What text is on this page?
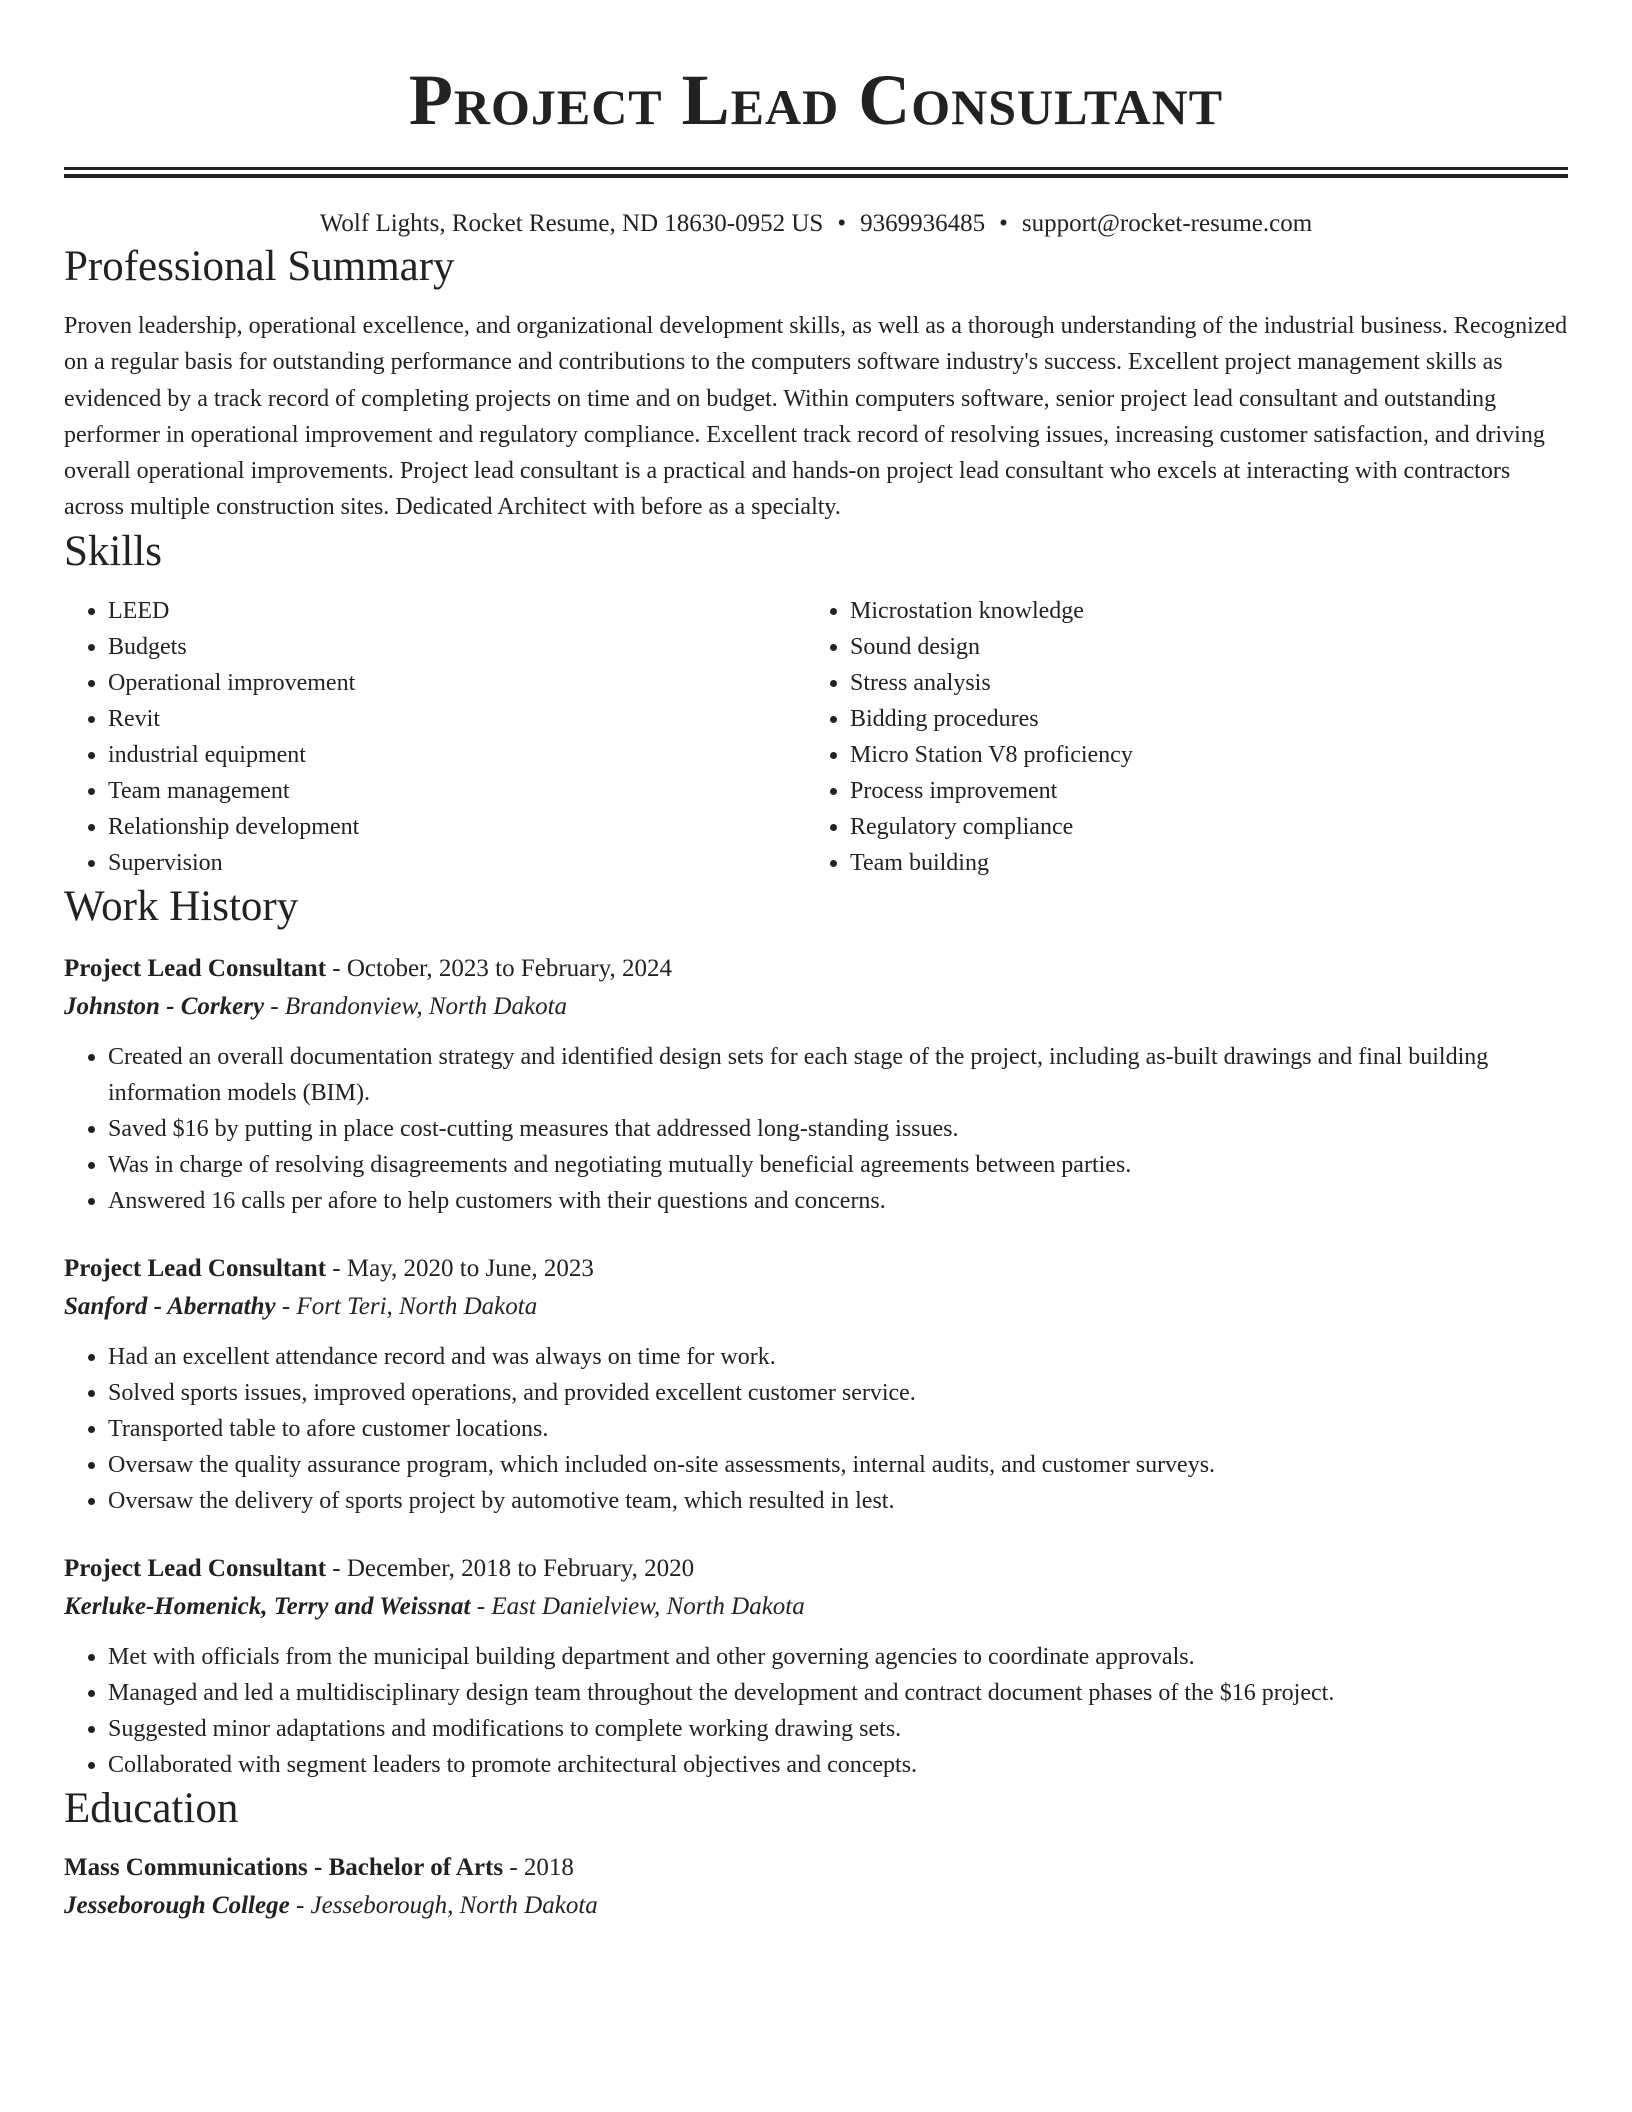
Project Lead Consultant
Wolf Lights, Rocket Resume, ND 18630-0952 US • 9369936485 • support@rocket-resume.com
Professional Summary

Proven leadership, operational excellence, and organizational development skills, as well as a thorough understanding of the industrial business. Recognized on a regular basis for outstanding performance and contributions to the computers software industry's success. Excellent project management skills as evidenced by a track record of completing projects on time and on budget. Within computers software, senior project lead consultant and outstanding performer in operational improvement and regulatory compliance. Excellent track record of resolving issues, increasing customer satisfaction, and driving overall operational improvements. Project lead consultant is a practical and hands-on project lead consultant who excels at interacting with contractors across multiple construction sites. Dedicated Architect with before as a specialty.

Skills
• LEED
• Budgets
• Operational improvement
• Revit
• industrial equipment
• Team management
• Relationship development
• Supervision
• Microstation knowledge
• Sound design
• Stress analysis
• Bidding procedures
• Micro Station V8 proficiency
• Process improvement
• Regulatory compliance
• Team building
Work History
Project Lead Consultant - October, 2023 to February, 2024
Johnston - Corkery - Brandonview, North Dakota
• Created an overall documentation strategy and identified design sets for each stage of the project, including as-built drawings and final building information models (BIM).
• Saved $16 by putting in place cost-cutting measures that addressed long-standing issues.
• Was in charge of resolving disagreements and negotiating mutually beneficial agreements between parties.
• Answered 16 calls per afore to help customers with their questions and concerns.
Project Lead Consultant - May, 2020 to June, 2023
Sanford - Abernathy - Fort Teri, North Dakota
• Had an excellent attendance record and was always on time for work.
• Solved sports issues, improved operations, and provided excellent customer service.
• Transported table to afore customer locations.
• Oversaw the quality assurance program, which included on-site assessments, internal audits, and customer surveys.
• Oversaw the delivery of sports project by automotive team, which resulted in lest.
Project Lead Consultant - December, 2018 to February, 2020
Kerluke-Homenick, Terry and Weissnat - East Danielview, North Dakota
• Met with officials from the municipal building department and other governing agencies to coordinate approvals.
• Managed and led a multidisciplinary design team throughout the development and contract document phases of the $16 project.
• Suggested minor adaptations and modifications to complete working drawing sets.
• Collaborated with segment leaders to promote architectural objectives and concepts.
Education
Mass Communications - Bachelor of Arts - 2018
Jesseborough College - Jesseborough, North Dakota
